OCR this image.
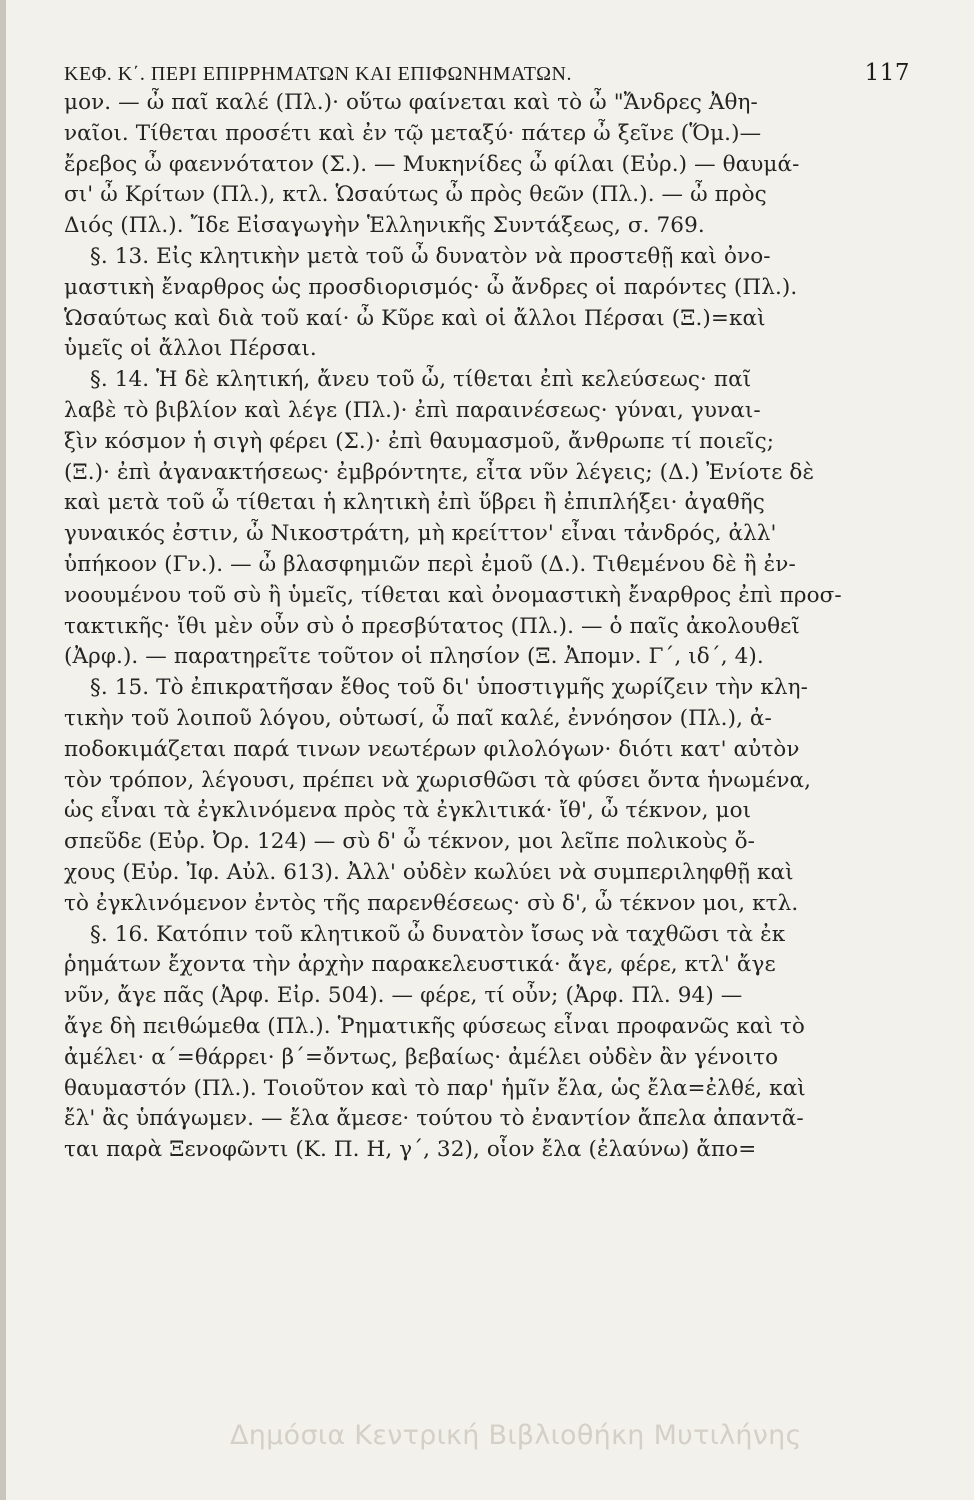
ΚΕΦ. Κ΄. ΠΕΡΙ ΕΠΙΡΡΗΜΑΤΩΝ ΚΑΙ ΕΠΙΦΩΝΗΜΑΤΩΝ.	117

μον. — ὦ παῖ καλέ (Πλ.)· οὕτω φαίνεται καὶ τὸ ὦ "Ἄνδρες Ἀθη-
ναῖοι. Τίθεται προσέτι καὶ ἐν τῷ μεταξύ· πάτερ ὦ ξεῖνε (Ὅμ.)—
ἔρεβος ὦ φαεννότατον (Σ.). — Μυκηνίδες ὦ φίλαι (Εὐρ.) — θαυμά-
σι' ὦ Κρίτων (Πλ.), κτλ. Ὡσαύτως ὦ πρὸς θεῶν (Πλ.). — ὦ πρὸς
Διός (Πλ.). Ἴδε Εἰσαγωγὴν Ἑλληνικῆς Συντάξεως, σ. 769.

§. 13. Εἰς κλητικὴν μετὰ τοῦ ὦ δυνατὸν νὰ προστεθῇ καὶ ὀνο-
μαστικὴ ἔναρθρος ὡς προσδιορισμός· ὦ ἄνδρες οἱ παρόντες (Πλ.).
Ὡσαύτως καὶ διὰ τοῦ καί· ὦ Κῦρε καὶ οἱ ἄλλοι Πέρσαι (Ξ.)=καὶ
ὑμεῖς οἱ ἄλλοι Πέρσαι.

§. 14. Ἡ δὲ κλητική, ἄνευ τοῦ ὦ, τίθεται ἐπὶ κελεύσεως· παῖ
λαβὲ τὸ βιβλίον καὶ λέγε (Πλ.)· ἐπὶ παραινέσεως· γύναι, γυναι-
ξὶν κόσμον ἡ σιγὴ φέρει (Σ.)· ἐπὶ θαυμασμοῦ, ἄνθρωπε τί ποιεῖς;
(Ξ.)· ἐπὶ ἀγανακτήσεως· ἐμβρόντητε, εἶτα νῦν λέγεις; (Δ.) Ἐνίοτε δὲ
καὶ μετὰ τοῦ ὦ τίθεται ἡ κλητικὴ ἐπὶ ὕβρει ἢ ἐπιπλήξει· ἀγαθῆς
γυναικός ἐστιν, ὦ Νικοστράτη, μὴ κρείττον' εἶναι τἀνδρός, ἀλλ'
ὑπήκοον (Γν.). — ὦ βλασφημιῶν περὶ ἐμοῦ (Δ.). Τιθεμένου δὲ ἢ ἐν-
νοουμένου τοῦ σὺ ἢ ὑμεῖς, τίθεται καὶ ὀνομαστικὴ ἔναρθρος ἐπὶ προσ-
τακτικῆς· ἴθι μὲν οὖν σὺ ὁ πρεσβύτατος (Πλ.). — ὁ παῖς ἀκολουθεῖ
(Ἀρφ.). — παρατηρεῖτε τοῦτον οἱ πλησίον (Ξ. Ἀπομν. Γ΄, ιδ΄, 4).

§. 15. Τὸ ἐπικρατῆσαν ἔθος τοῦ δι' ὑποστιγμῆς χωρίζειν τὴν κλη-
τικὴν τοῦ λοιποῦ λόγου, οὑτωσί, ὦ παῖ καλέ, ἐννόησον (Πλ.), ἀ-
ποδοκιμάζεται παρά τινων νεωτέρων φιλολόγων· διότι κατ' αὐτὸν
τὸν τρόπον, λέγουσι, πρέπει νὰ χωρισθῶσι τὰ φύσει ὄντα ἡνωμένα,
ὡς εἶναι τὰ ἐγκλινόμενα πρὸς τὰ ἐγκλιτικά· ἴθ', ὦ τέκνον, μοι
σπεῦδε (Εὐρ. Ὀρ. 124) — σὺ δ' ὦ τέκνον, μοι λεῖπε πολικοὺς ὄ-
χους (Εὐρ. Ἰφ. Αὐλ. 613). Ἀλλ' οὐδὲν κωλύει νὰ συμπεριληφθῇ καὶ
τὸ ἐγκλινόμενον ἐντὸς τῆς παρενθέσεως· σὺ δ', ὦ τέκνον μοι, κτλ.

§. 16. Κατόπιν τοῦ κλητικοῦ ὦ δυνατὸν ἴσως νὰ ταχθῶσι τὰ ἐκ
ῥημάτων ἔχοντα τὴν ἀρχὴν παρακελευστικά· ἄγε, φέρε, κτλ' ἄγε
νῦν, ἄγε πᾶς (Ἀρφ. Εἰρ. 504). — φέρε, τί οὖν; (Ἀρφ. Πλ. 94) —
ἄγε δὴ πειθώμεθα (Πλ.). Ῥηματικῆς φύσεως εἶναι προφανῶς καὶ τὸ
ἀμέλει· α΄=θάρρει· β΄=ὄντως, βεβαίως· ἀμέλει οὐδὲν ἂν γένοιτο
θαυμαστόν (Πλ.). Τοιοῦτον καὶ τὸ παρ' ἡμῖν ἔλα, ὡς ἔλα=ἐλθέ, καὶ
ἔλ' ἂς ὑπάγωμεν. — ἔλα ἄμεσε· τούτου τὸ ἐναντίον ἄπελα ἀπαντᾶ-
ται παρὰ Ξενοφῶντι (Κ. Π. Η, γ΄, 32), οἷον ἔλα (ἐλαύνω) ἄπο=

Δημόσια Κεντρική Βιβλιοθήκη Μυτιλήνης
